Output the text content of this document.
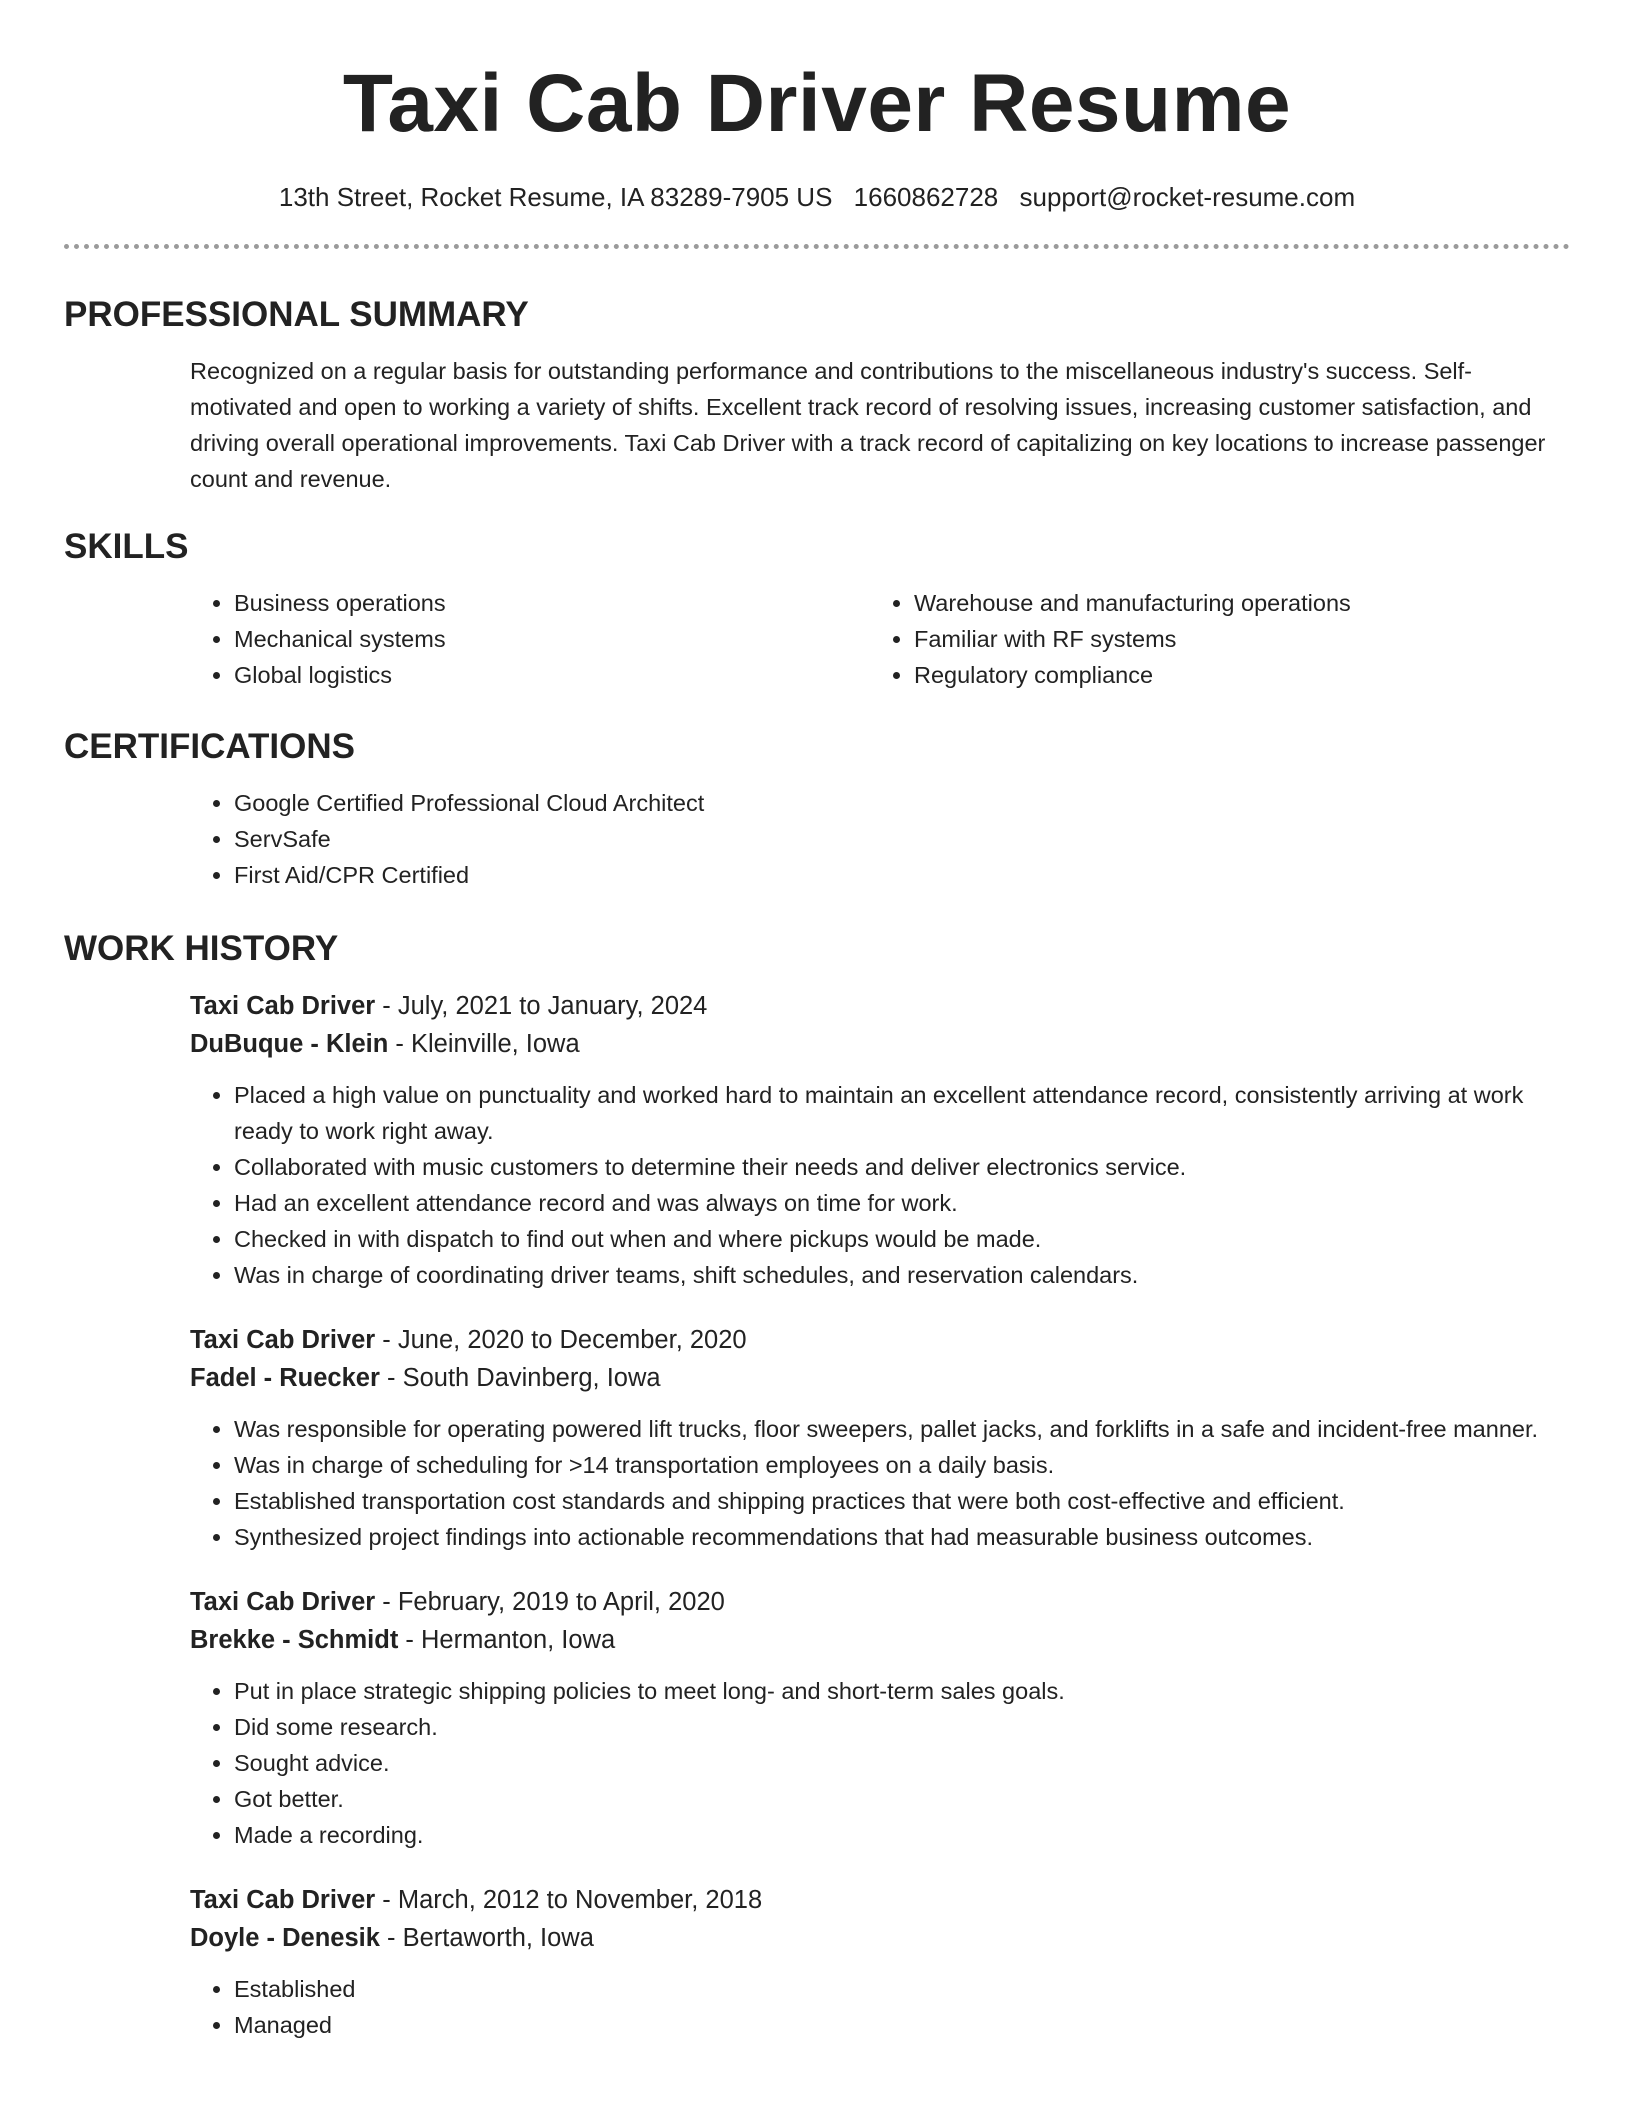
Taxi Cab Driver Resume
13th Street, Rocket Resume, IA 83289-7905 US 1660862728 support@rocket-resume.com
PROFESSIONAL SUMMARY
Recognized on a regular basis for outstanding performance and contributions to the miscellaneous industry's success. Self-motivated and open to working a variety of shifts. Excellent track record of resolving issues, increasing customer satisfaction, and driving overall operational improvements. Taxi Cab Driver with a track record of capitalizing on key locations to increase passenger count and revenue.
SKILLS
• Business operations
• Mechanical systems
• Global logistics
• Warehouse and manufacturing operations
• Familiar with RF systems
• Regulatory compliance
CERTIFICATIONS
• Google Certified Professional Cloud Architect
• ServSafe
• First Aid/CPR Certified
WORK HISTORY
Taxi Cab Driver - July, 2021 to January, 2024
DuBuque - Klein - Kleinville, Iowa
• Placed a high value on punctuality and worked hard to maintain an excellent attendance record, consistently arriving at work ready to work right away.
• Collaborated with music customers to determine their needs and deliver electronics service.
• Had an excellent attendance record and was always on time for work.
• Checked in with dispatch to find out when and where pickups would be made.
• Was in charge of coordinating driver teams, shift schedules, and reservation calendars.
Taxi Cab Driver - June, 2020 to December, 2020
Fadel - Ruecker - South Davinberg, Iowa
• Was responsible for operating powered lift trucks, floor sweepers, pallet jacks, and forklifts in a safe and incident-free manner.
• Was in charge of scheduling for >14 transportation employees on a daily basis.
• Established transportation cost standards and shipping practices that were both cost-effective and efficient.
• Synthesized project findings into actionable recommendations that had measurable business outcomes.
Taxi Cab Driver - February, 2019 to April, 2020
Brekke - Schmidt - Hermanton, Iowa
• Put in place strategic shipping policies to meet long- and short-term sales goals.
• Did some research.
• Sought advice.
• Got better.
• Made a recording.
Taxi Cab Driver - March, 2012 to November, 2018
Doyle - Denesik - Bertaworth, Iowa
• Established
• Managed
